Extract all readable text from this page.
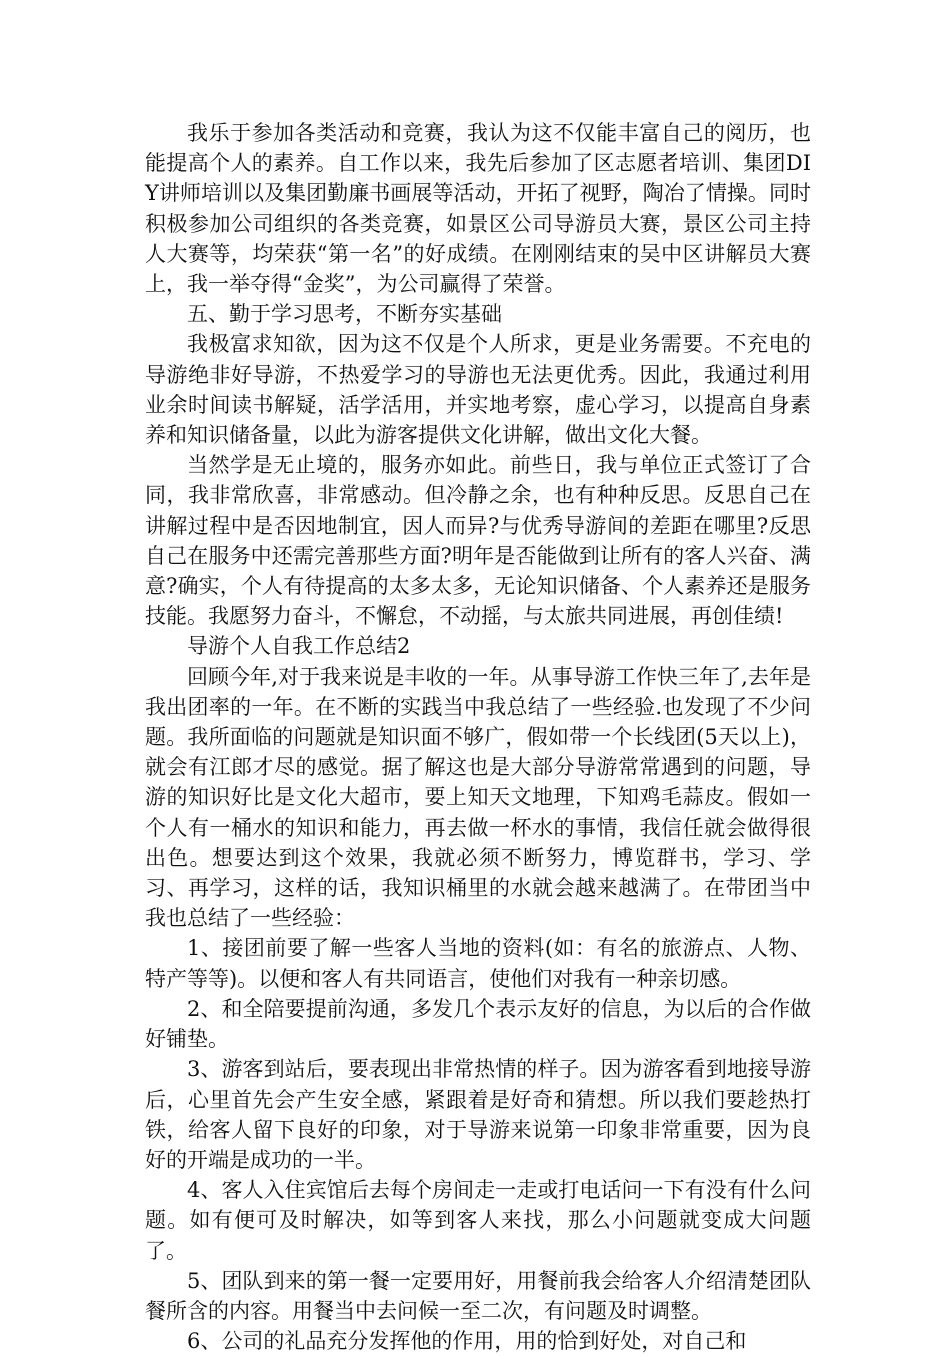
我乐于参加各类活动和竞赛，我认为这不仅能丰富自己的阅历，也能提高个人的素养。自工作以来，我先后参加了区志愿者培训、集团DIY讲师培训以及集团勤廉书画展等活动，开拓了视野，陶冶了情操。同时积极参加公司组织的各类竞赛，如景区公司导游员大赛，景区公司主持人大赛等，均荣获“第一名”的好成绩。在刚刚结束的吴中区讲解员大赛上，我一举夺得“金奖”，为公司赢得了荣誉。

五、勤于学习思考，不断夯实基础

我极富求知欲，因为这不仅是个人所求，更是业务需要。不充电的导游绝非好导游，不热爱学习的导游也无法更优秀。因此，我通过利用业余时间读书解疑，活学活用，并实地考察，虚心学习，以提高自身素养和知识储备量，以此为游客提供文化讲解，做出文化大餐。

当然学是无止境的，服务亦如此。前些日，我与单位正式签订了合同，我非常欣喜，非常感动。但冷静之余，也有种种反思。反思自己在讲解过程中是否因地制宜，因人而异?与优秀导游间的差距在哪里?反思自己在服务中还需完善那些方面?明年是否能做到让所有的客人兴奋、满意?确实，个人有待提高的太多太多，无论知识储备、个人素养还是服务技能。我愿努力奋斗，不懈怠，不动摇，与太旅共同进展，再创佳绩!

导游个人自我工作总结2

回顾今年,对于我来说是丰收的一年。从事导游工作快三年了,去年是我出团率的一年。在不断的实践当中我总结了一些经验.也发现了不少问题。我所面临的问题就是知识面不够广，假如带一个长线团(5天以上)，就会有江郎才尽的感觉。据了解这也是大部分导游常常遇到的问题，导游的知识好比是文化大超市，要上知天文地理，下知鸡毛蒜皮。假如一个人有一桶水的知识和能力，再去做一杯水的事情，我信任就会做得很出色。想要达到这个效果，我就必须不断努力，博览群书，学习、学习、再学习，这样的话，我知识桶里的水就会越来越满了。在带团当中我也总结了一些经验：

1、接团前要了解一些客人当地的资料(如：有名的旅游点、人物、特产等等)。以便和客人有共同语言，使他们对我有一种亲切感。

2、和全陪要提前沟通，多发几个表示友好的信息，为以后的合作做好铺垫。

3、游客到站后，要表现出非常热情的样子。因为游客看到地接导游后，心里首先会产生安全感，紧跟着是好奇和猜想。所以我们要趁热打铁，给客人留下良好的印象，对于导游来说第一印象非常重要，因为良好的开端是成功的一半。

4、客人入住宾馆后去每个房间走一走或打电话问一下有没有什么问题。如有便可及时解决，如等到客人来找，那么小问题就变成大问题了。

5、团队到来的第一餐一定要用好，用餐前我会给客人介绍清楚团队餐所含的内容。用餐当中去问候一至二次，有问题及时调整。

6、公司的礼品充分发挥他的作用，用的恰到好处，对自己和
